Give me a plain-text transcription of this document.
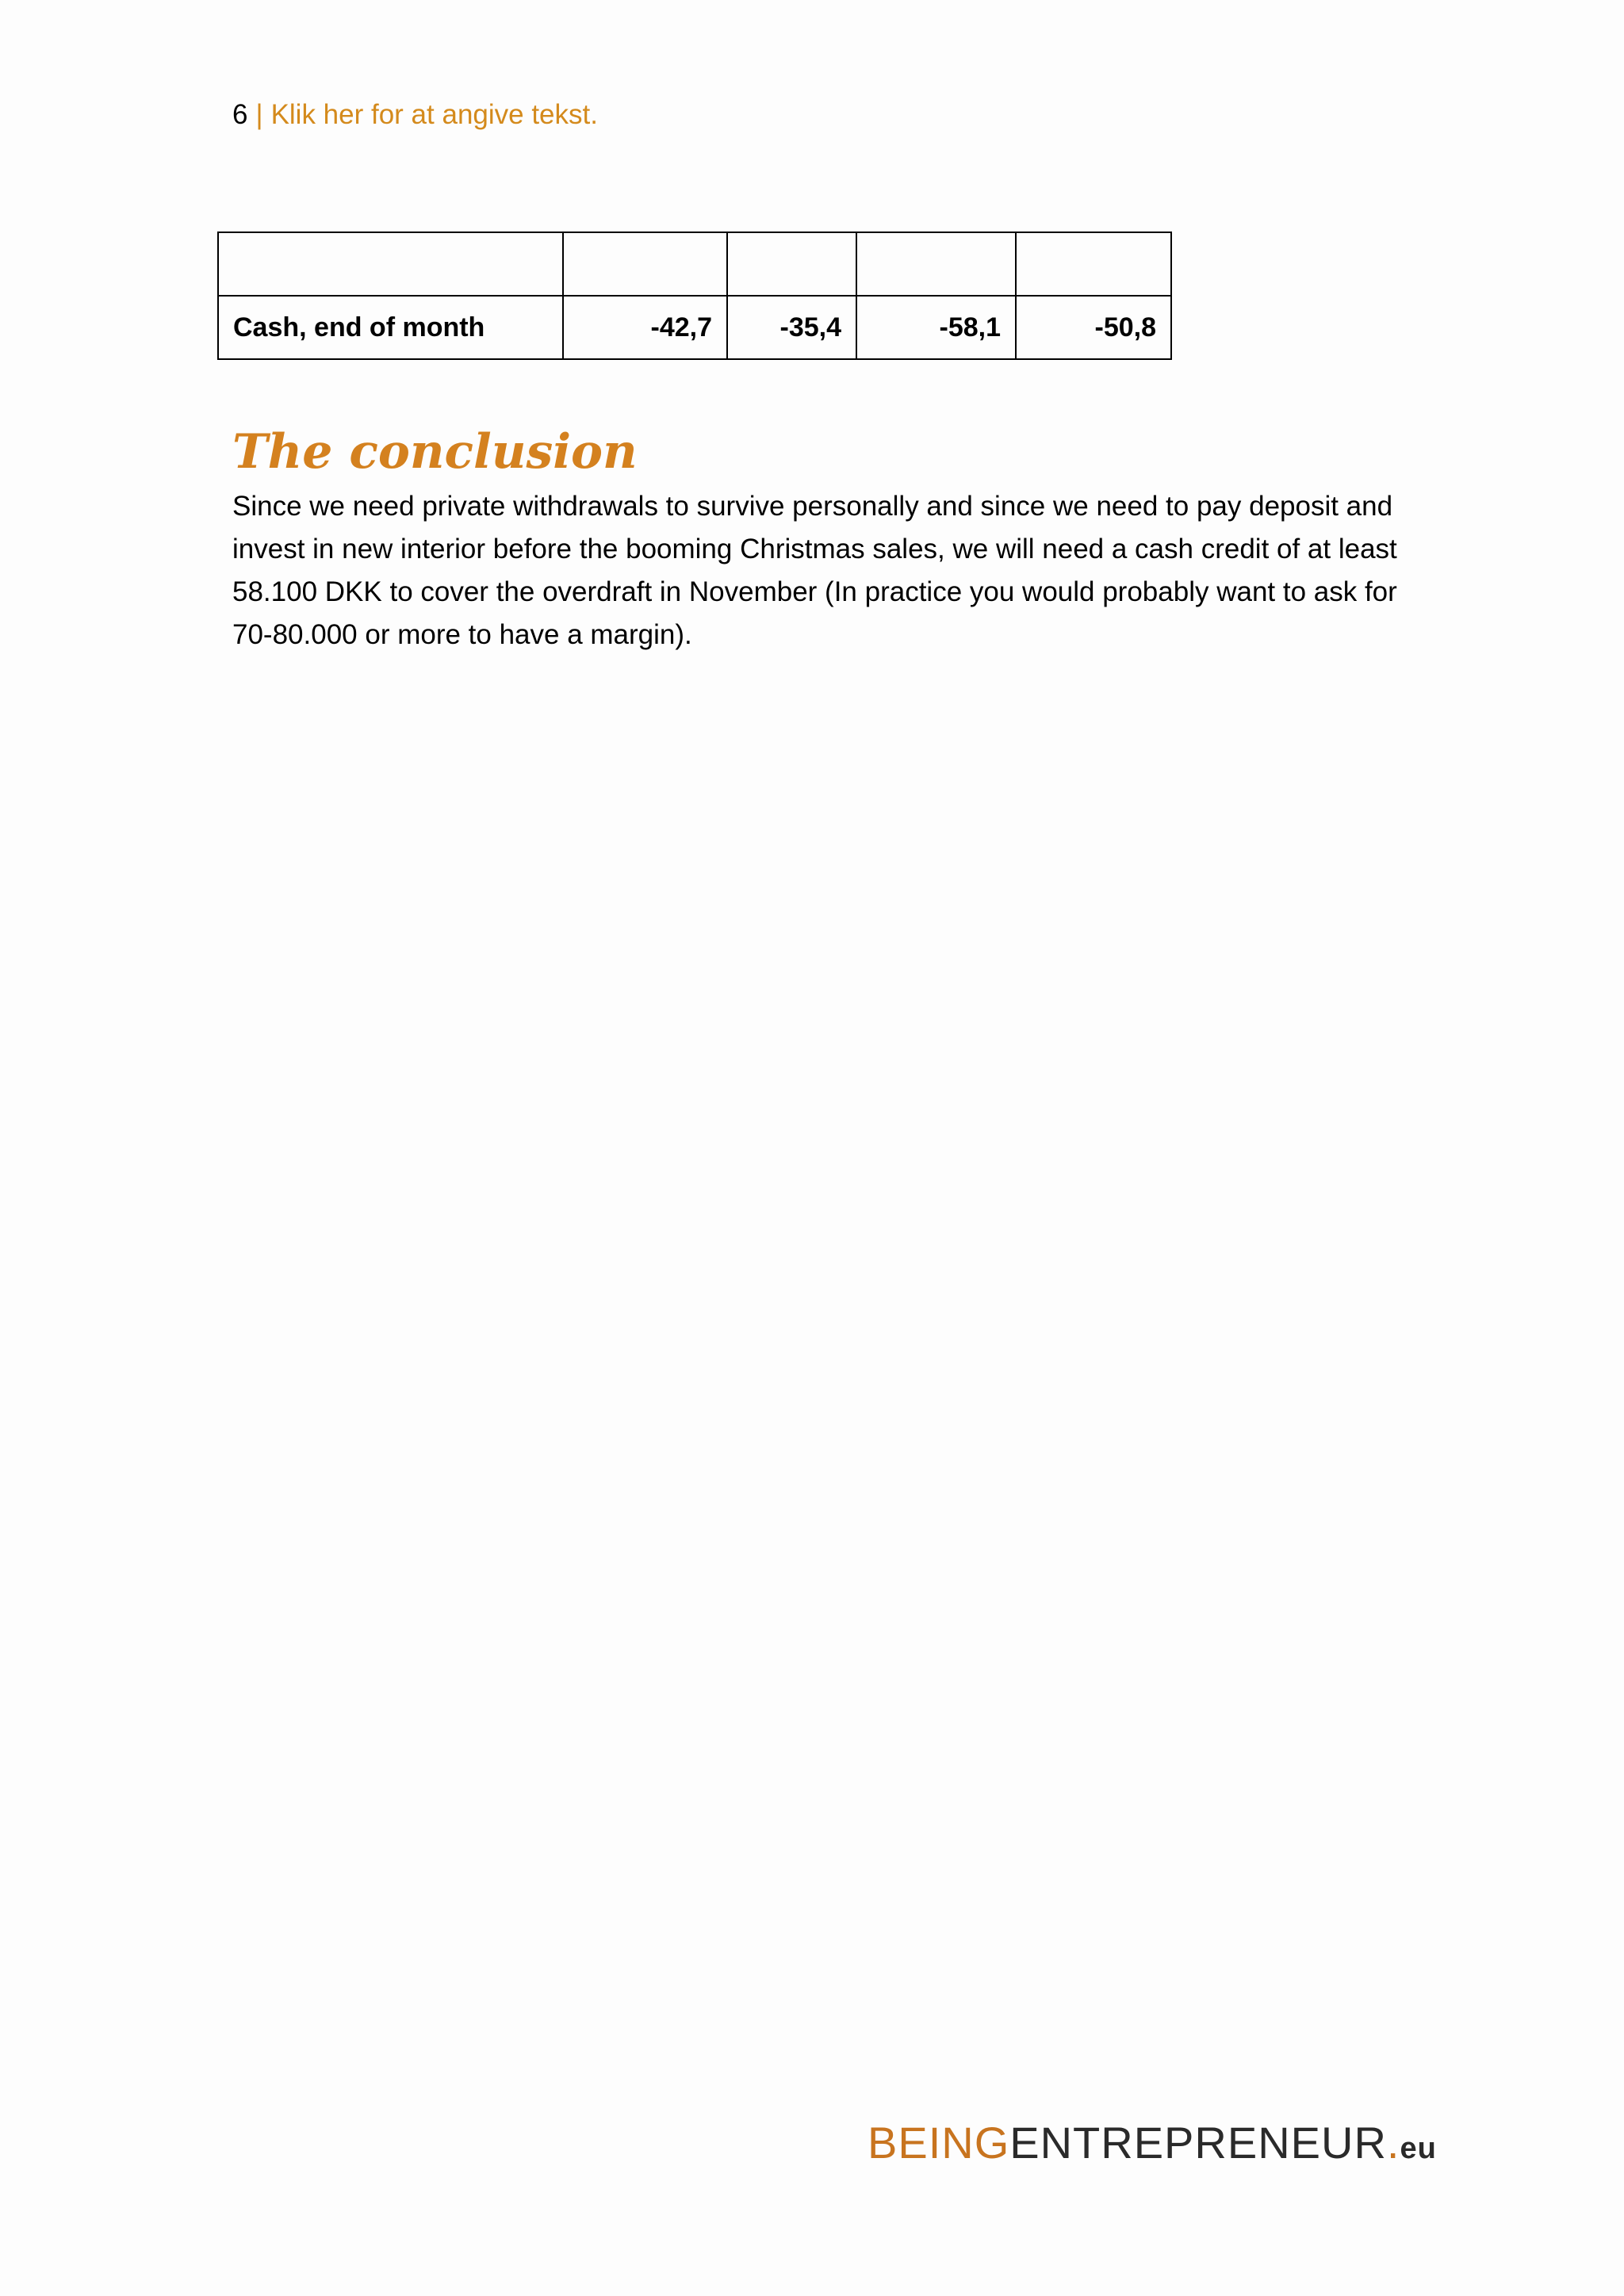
6 | Klik her for at angive tekst.

Cash, end of month	-42,7	-35,4	-58,1	-50,8
The conclusion

Since we need private withdrawals to survive personally and since we need to pay deposit and invest in new interior before the booming Christmas sales, we will need a cash credit of at least 58.100 DKK to cover the overdraft in November (In practice you would probably want to ask for 70-80.000 or more to have a margin).

BEINGENTREPRENEUR.eu
